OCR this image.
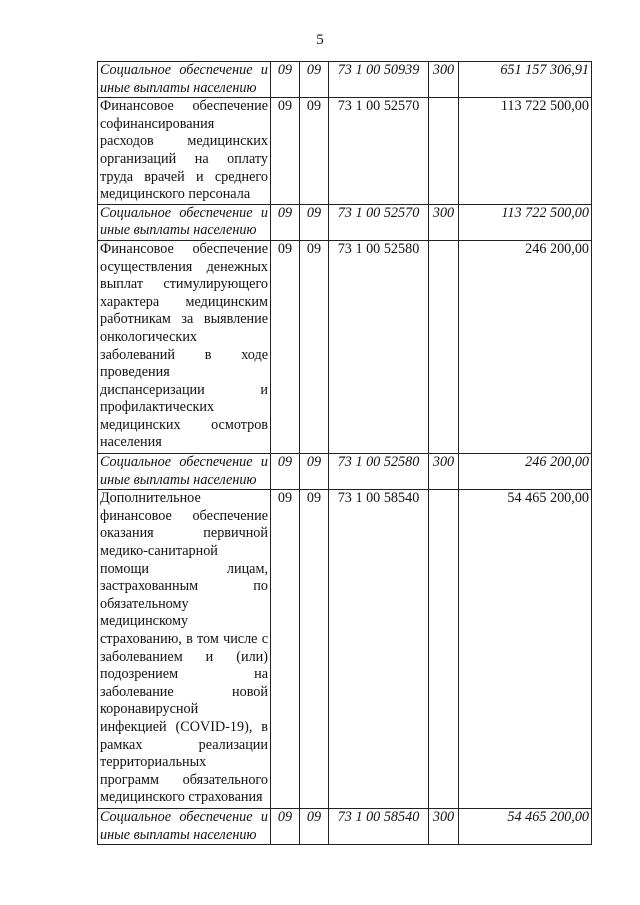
5
Социальное обеспечение и иные выплаты населению	09	09	73 1 00 50939	300	651 157 306,91
Финансовое обеспечение софинансирования расходов медицинских организаций на оплату труда врачей и среднего медицинского персонала	09	09	73 1 00 52570		113 722 500,00
Социальное обеспечение и иные выплаты населению	09	09	73 1 00 52570	300	113 722 500,00
Финансовое обеспечение осуществления денежных выплат стимулирующего характера медицинским работникам за выявление онкологических заболеваний в ходе проведения диспансеризации и профилактических медицинских осмотров населения	09	09	73 1 00 52580		246 200,00
Социальное обеспечение и иные выплаты населению	09	09	73 1 00 52580	300	246 200,00
Дополнительное финансовое обеспечение оказания первичной медико-санитарной помощи лицам, застрахованным по обязательному медицинскому страхованию, в том числе с заболеванием и (или) подозрением на заболевание новой коронавирусной инфекцией (COVID-19), в рамках реализации территориальных программ обязательного медицинского страхования	09	09	73 1 00 58540		54 465 200,00
Социальное обеспечение и иные выплаты населению	09	09	73 1 00 58540	300	54 465 200,00
